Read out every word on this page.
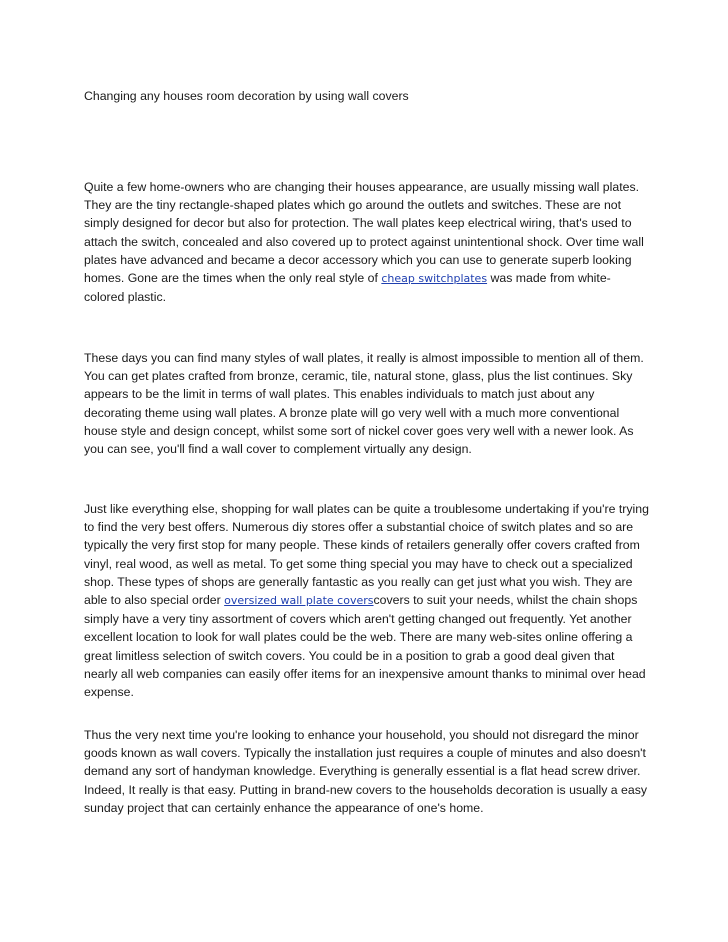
Changing any houses room decoration by using wall covers

Quite a few home-owners who are changing their houses appearance, are usually missing wall plates. They are the tiny rectangle-shaped plates which go around the outlets and switches. These are not simply designed for decor but also for protection. The wall plates keep electrical wiring, that's used to attach the switch, concealed and also covered up to protect against unintentional shock. Over time wall plates have advanced and became a decor accessory which you can use to generate superb looking homes. Gone are the times when the only real style of cheap switchplates was made from white-colored plastic.

These days you can find many styles of wall plates, it really is almost impossible to mention all of them. You can get plates crafted from bronze, ceramic, tile, natural stone, glass, plus the list continues. Sky appears to be the limit in terms of wall plates. This enables individuals to match just about any decorating theme using wall plates. A bronze plate will go very well with a much more conventional house style and design concept, whilst some sort of nickel cover goes very well with a newer look. As you can see, you'll find a wall cover to complement virtually any design.

Just like everything else, shopping for wall plates can be quite a troublesome undertaking if you're trying to find the very best offers. Numerous diy stores offer a substantial choice of switch plates and so are typically the very first stop for many people. These kinds of retailers generally offer covers crafted from vinyl, real wood, as well as metal. To get some thing special you may have to check out a specialized shop. These types of shops are generally fantastic as you really can get just what you wish. They are able to also special order oversized wall plate coverscovers to suit your needs, whilst the chain shops simply have a very tiny assortment of covers which aren't getting changed out frequently. Yet another excellent location to look for wall plates could be the web. There are many web-sites online offering a great limitless selection of switch covers. You could be in a position to grab a good deal given that nearly all web companies can easily offer items for an inexpensive amount thanks to minimal over head expense.

Thus the very next time you're looking to enhance your household, you should not disregard the minor goods known as wall covers. Typically the installation just requires a couple of minutes and also doesn't demand any sort of handyman knowledge. Everything is generally essential is a flat head screw driver. Indeed, It really is that easy. Putting in brand-new covers to the households decoration is usually a easy sunday project that can certainly enhance the appearance of one's home.
